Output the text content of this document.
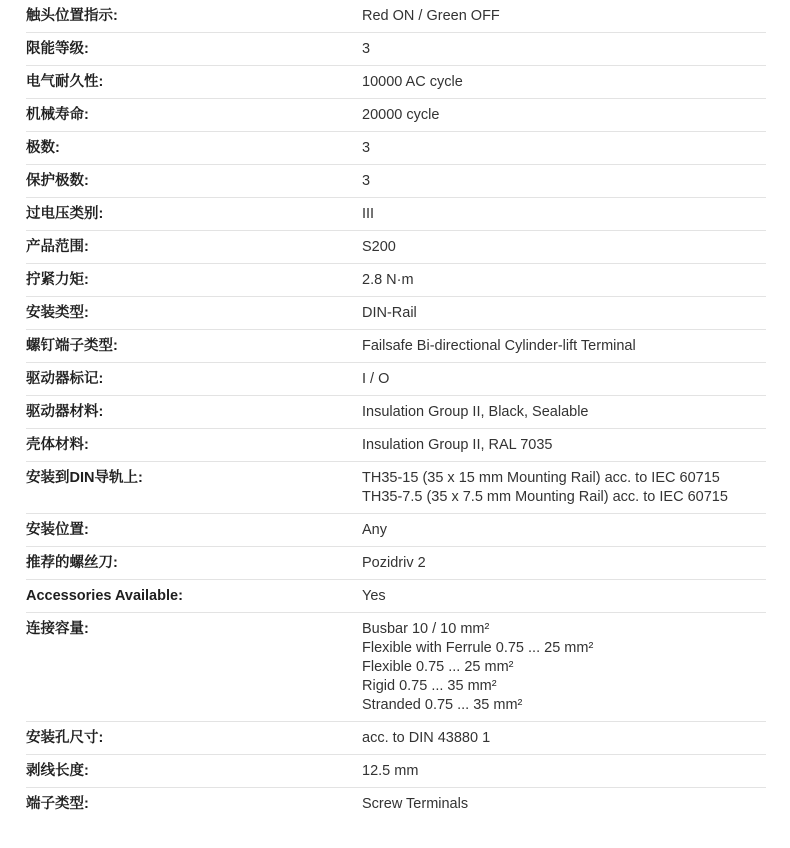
触头位置指示:	Red ON / Green OFF
限能等级:	3
电气耐久性:	10000 AC cycle
机械寿命:	20000 cycle
极数:	3
保护极数:	3
过电压类别:	III
产品范围:	S200
拧紧力矩:	2.8 N·m
安装类型:	DIN-Rail
螺钉端子类型:	Failsafe Bi-directional Cylinder-lift Terminal
驱动器标记:	I / O
驱动器材料:	Insulation Group II, Black, Sealable
壳体材料:	Insulation Group II, RAL 7035
安装到DIN导轨上:	TH35-15 (35 x 15 mm Mounting Rail) acc. to IEC 60715
TH35-7.5 (35 x 7.5 mm Mounting Rail) acc. to IEC 60715
安装位置:	Any
推荐的螺丝刀:	Pozidriv 2
Accessories Available:	Yes
连接容量:	Busbar 10 / 10 mm²
Flexible with Ferrule 0.75 ... 25 mm²
Flexible 0.75 ... 25 mm²
Rigid 0.75 ... 35 mm²
Stranded 0.75 ... 35 mm²
安装孔尺寸:	acc. to DIN 43880 1
剥线长度:	12.5 mm
端子类型:	Screw Terminals
